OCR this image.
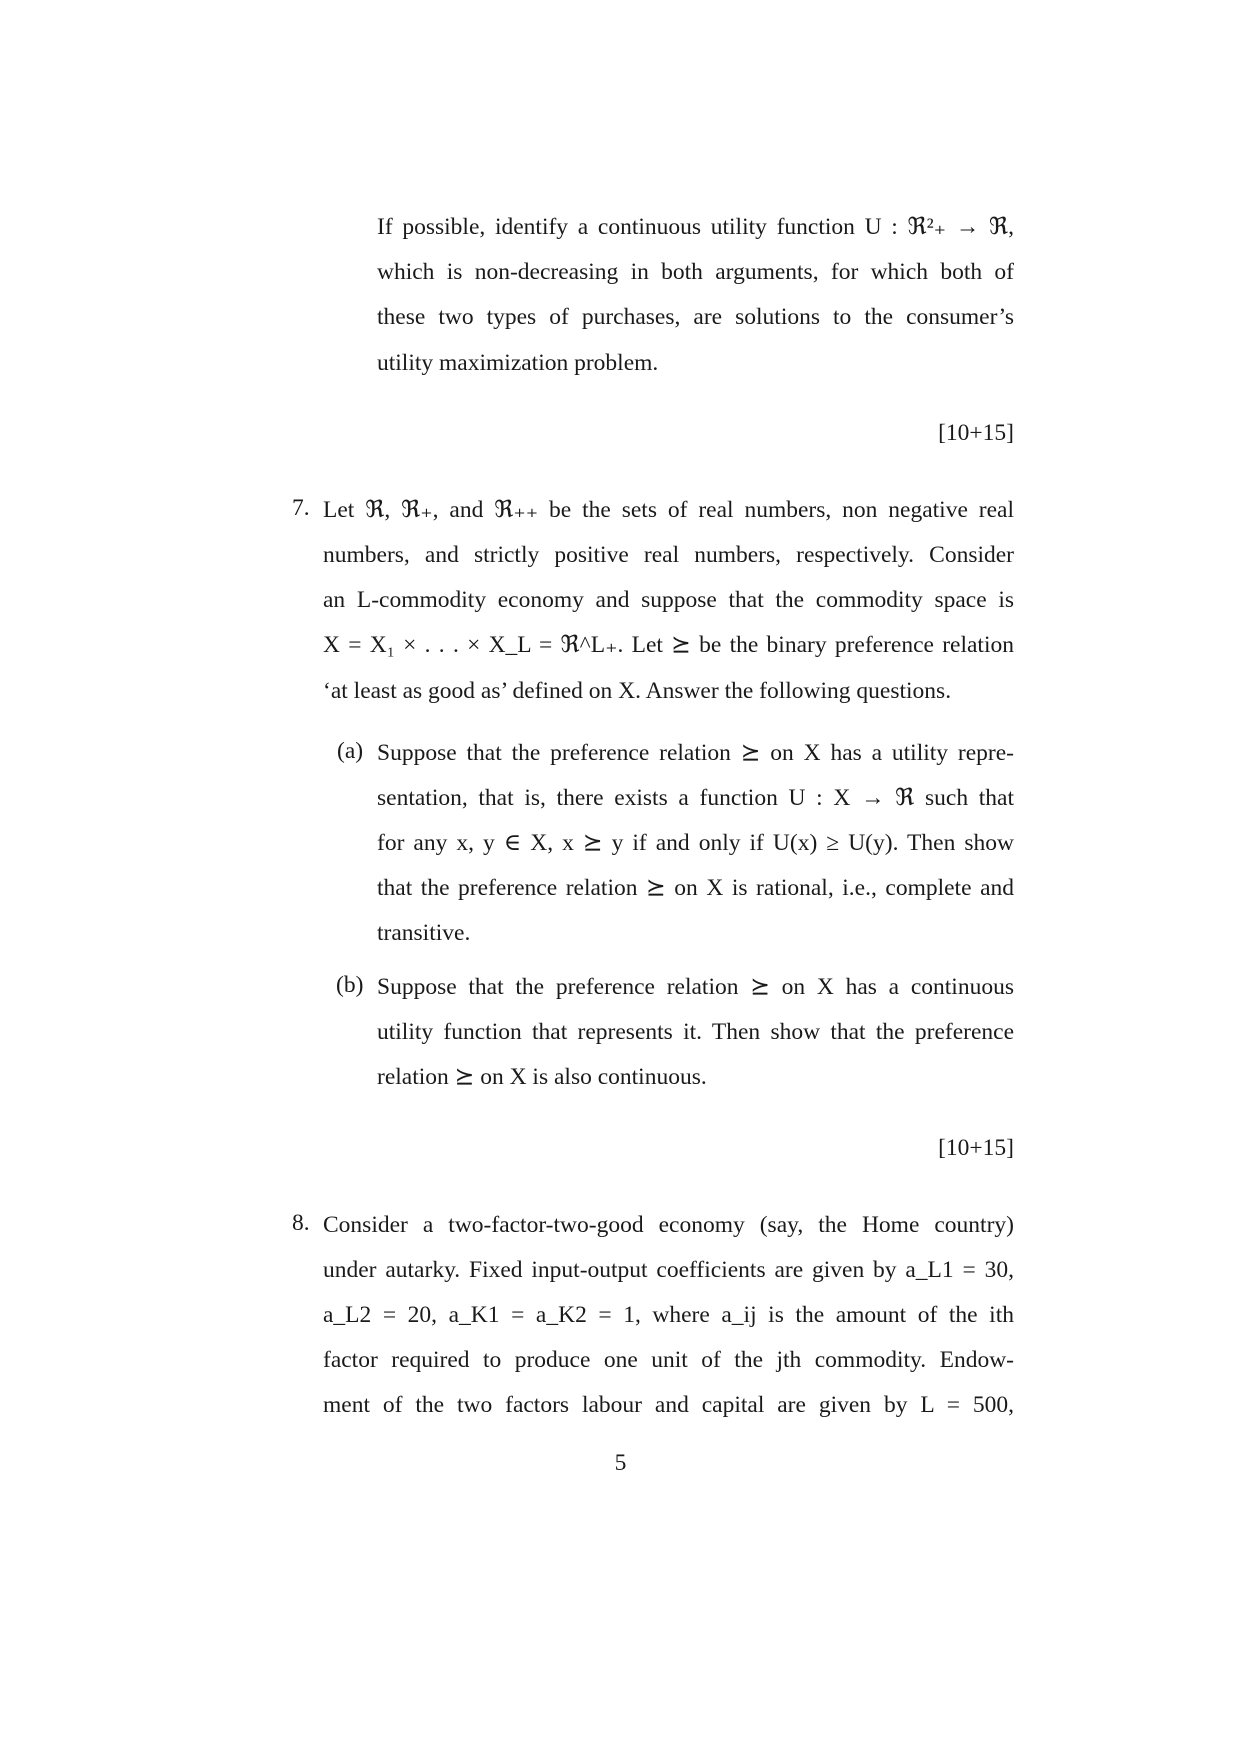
If possible, identify a continuous utility function U : ℜ²₊ → ℜ,
which is non-decreasing in both arguments, for which both of
these two types of purchases, are solutions to the consumer’s
utility maximization problem.
[10+15]
7. Let ℜ, ℜ₊, and ℜ₊₊ be the sets of real numbers, non negative real
numbers, and strictly positive real numbers, respectively. Consider
an L-commodity economy and suppose that the commodity space is
X = X₁ × . . . × X_L = ℜ^L₊. Let ⪰ be the binary preference relation
‘at least as good as’ defined on X. Answer the following questions.
(a) Suppose that the preference relation ⪰ on X has a utility repre-
sentation, that is, there exists a function U : X → ℜ such that
for any x, y ∈ X, x ⪰ y if and only if U(x) ≥ U(y). Then show
that the preference relation ⪰ on X is rational, i.e., complete and
transitive.
(b) Suppose that the preference relation ⪰ on X has a continuous
utility function that represents it. Then show that the preference
relation ⪰ on X is also continuous.
[10+15]
8. Consider a two-factor-two-good economy (say, the Home country)
under autarky. Fixed input-output coefficients are given by a_L1 = 30,
a_L2 = 20, a_K1 = a_K2 = 1, where a_ij is the amount of the ith
factor required to produce one unit of the jth commodity. Endow-
ment of the two factors labour and capital are given by L = 500,
5
